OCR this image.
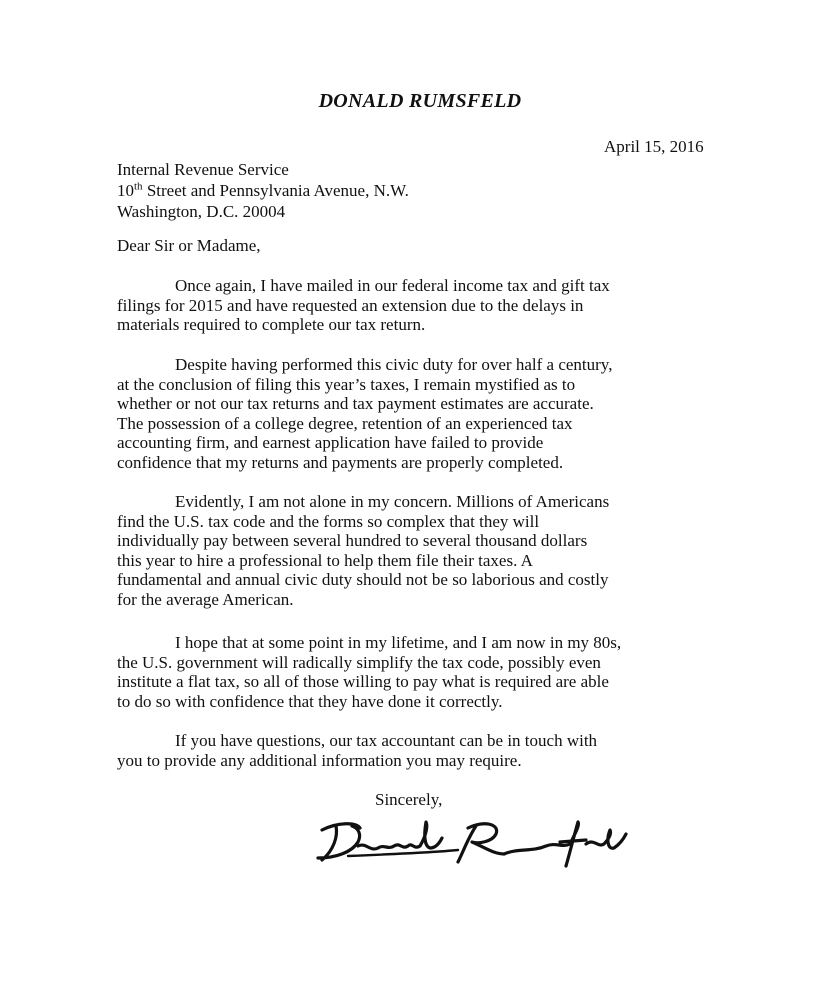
DONALD RUMSFELD
April 15, 2016
Internal Revenue Service
10th Street and Pennsylvania Avenue, N.W.
Washington, D.C. 20004
Dear Sir or Madame,
Once again, I have mailed in our federal income tax and gift tax
filings for 2015 and have requested an extension due to the delays in
materials required to complete our tax return.
Despite having performed this civic duty for over half a century,
at the conclusion of filing this year’s taxes, I remain mystified as to
whether or not our tax returns and tax payment estimates are accurate.
The possession of a college degree, retention of an experienced tax
accounting firm, and earnest application have failed to provide
confidence that my returns and payments are properly completed.
Evidently, I am not alone in my concern. Millions of Americans
find the U.S. tax code and the forms so complex that they will
individually pay between several hundred to several thousand dollars
this year to hire a professional to help them file their taxes. A
fundamental and annual civic duty should not be so laborious and costly
for the average American.
I hope that at some point in my lifetime, and I am now in my 80s,
the U.S. government will radically simplify the tax code, possibly even
institute a flat tax, so all of those willing to pay what is required are able
to do so with confidence that they have done it correctly.
If you have questions, our tax accountant can be in touch with
you to provide any additional information you may require.
Sincerely,
